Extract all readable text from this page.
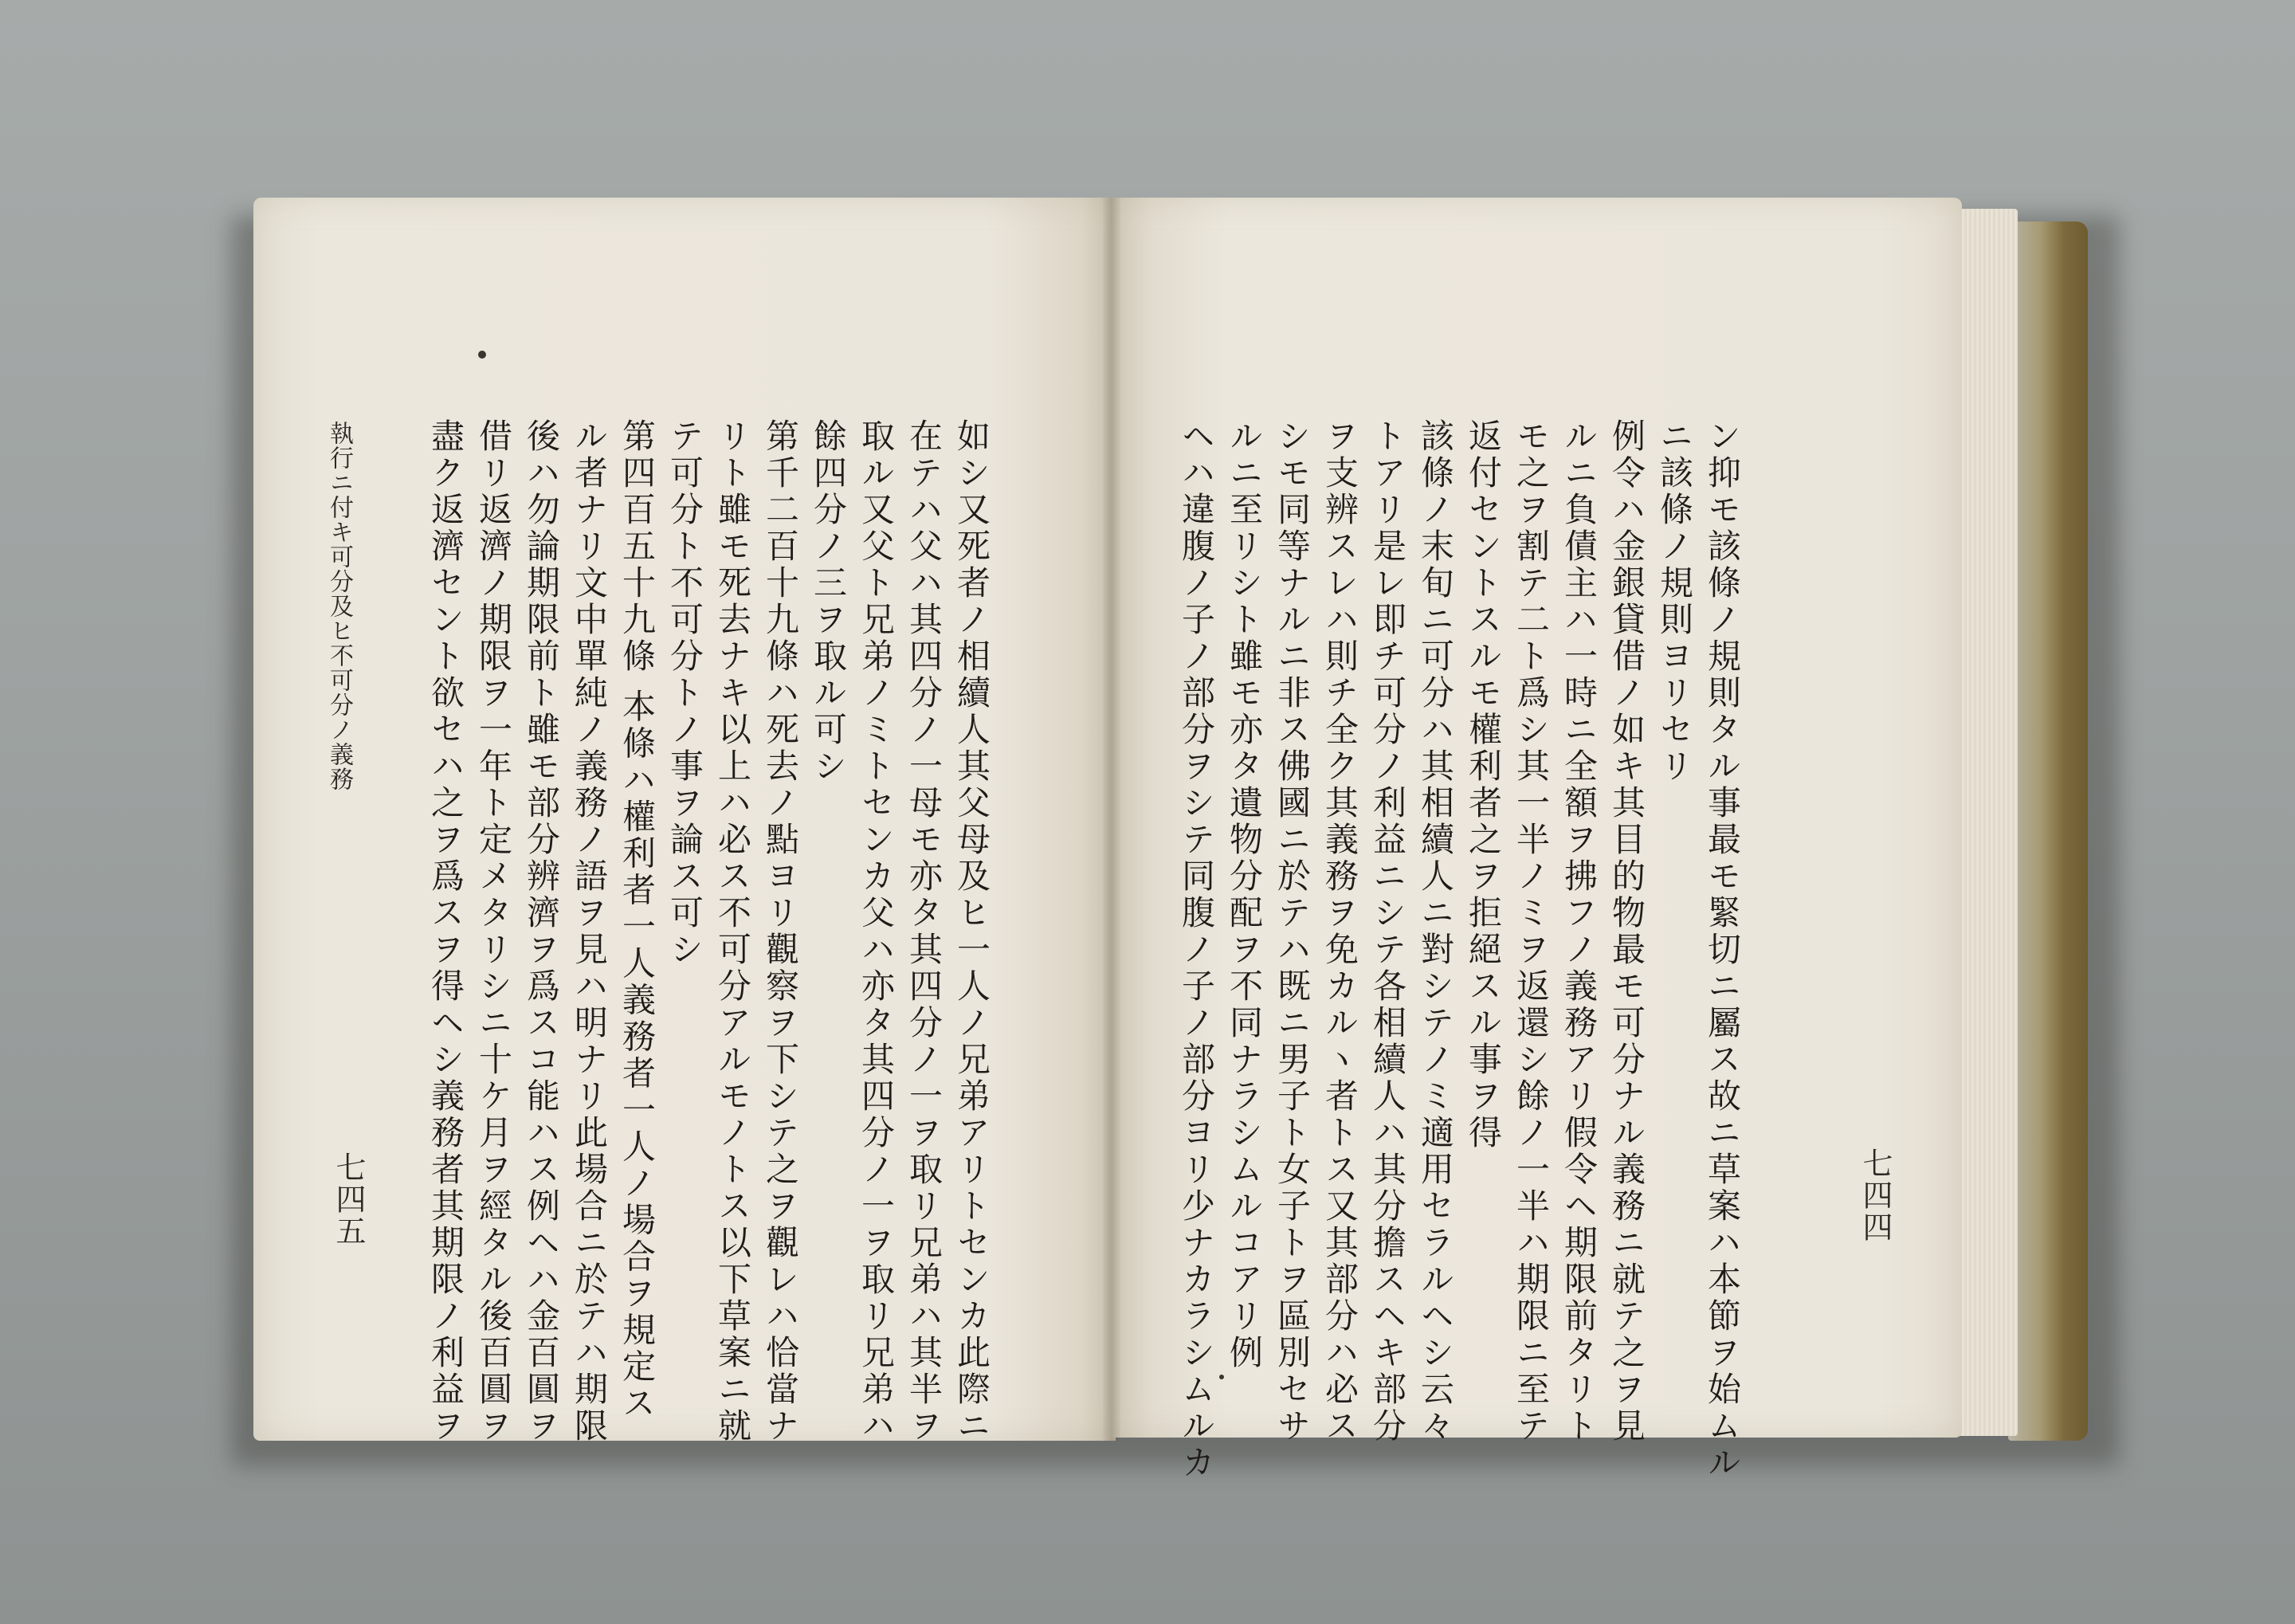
執行ニ付キ可分及ヒ不可分ノ義務
七四五	如シ又死者ノ相續人其父母及ヒ一人ノ兄弟アリトセンカ此際ニ
在テハ父ハ其四分ノ一母モ亦タ其四分ノ一ヲ取リ兄弟ハ其半ヲ
取ル又父ト兄弟ノミトセンカ父ハ亦タ其四分ノ一ヲ取リ兄弟ハ
餘四分ノ三ヲ取ル可シ
第千二百十九條ハ死去ノ點ヨリ觀察ヲ下シテ之ヲ觀レハ恰當ナ
リト雖モ死去ナキ以上ハ必ス不可分アルモノトス以下草案ニ就
テ可分ト不可分トノ事ヲ論ス可シ
第四百五十九條 本條ハ權利者一人義務者一人ノ場合ヲ規定ス
ル者ナリ文中單純ノ義務ノ語ヲ見ハ明ナリ此場合ニ於テハ期限
後ハ勿論期限前ト雖モ部分辨濟ヲ爲スコ能ハス例ヘハ金百圓ヲ
借リ返濟ノ期限ヲ一年ト定メタリシニ十ケ月ヲ經タル後百圓ヲ
盡ク返濟セント欲セハ之ヲ爲スヲ得ヘシ義務者其期限ノ利益ヲ	七四四
ン抑モ該條ノ規則タル事最モ緊切ニ屬ス故ニ草案ハ本節ヲ始ムル
ニ該條ノ規則ヨリセリ
例令ハ金銀貸借ノ如キ其目的物最モ可分ナル義務ニ就テ之ヲ見
ルニ負債主ハ一時ニ全額ヲ拂フノ義務アリ假令ヘ期限前タリト
モ之ヲ割テ二ト爲シ其一半ノミヲ返還シ餘ノ一半ハ期限ニ至テ
返付セントスルモ權利者之ヲ拒絕スル事ヲ得
該條ノ末旬ニ可分ハ其相續人ニ對シテノミ適用セラルヘシ云々
トアリ是レ即チ可分ノ利益ニシテ各相續人ハ其分擔スヘキ部分
ヲ支辨スレハ則チ全ク其義務ヲ免カルヽ者トス又其部分ハ必ス
シモ同等ナルニ非ス佛國ニ於テハ既ニ男子ト女子トヲ區別セサ
ルニ至リシト雖モ亦タ遺物分配ヲ不同ナラシムルコアリ例
ヘハ違腹ノ子ノ部分ヲシテ同腹ノ子ノ部分ヨリ少ナカラシムルカ
